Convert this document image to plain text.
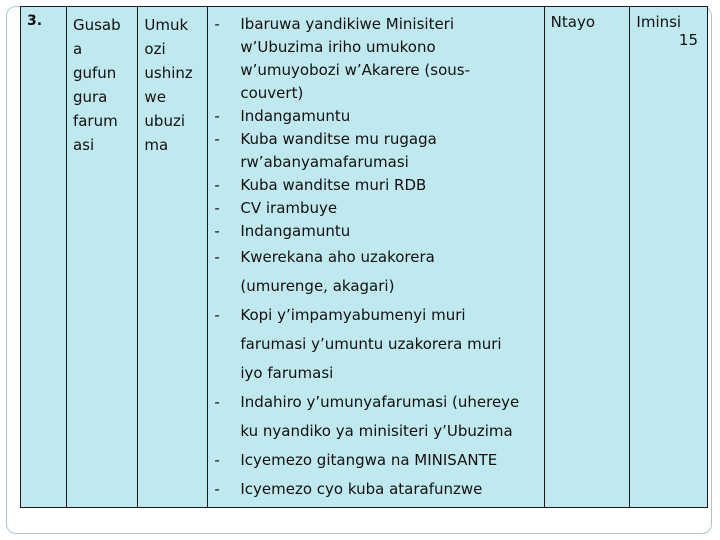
3.	Gusab
a
gufun
gura
farum
asi

Umuk
ozi
ushinz
we
ubuzi
ma

- Ibaruwa yandikiwe Minisiteri
w’Ubuzima iriho umukono
w’umuyobozi w’Akarere (sous-
couvert)
- Indangamuntu
- Kuba wanditse mu rugaga
rw’abanyamafarumasi
- Kuba wanditse muri RDB
- CV irambuye
- Indangamuntu
- Kwerekana aho uzakorera
(umurenge, akagari)
- Kopi y’impamyabumenyi muri
farumasi y’umuntu uzakorera muri
iyo farumasi
- Indahiro y’umunyafarumasi (uhereye
ku nyandiko ya minisiteri y’Ubuzima
- Icyemezo gitangwa na MINISANTE
- Icyemezo cyo kuba atarafunzwe
	Ntayo	Iminsi
15
